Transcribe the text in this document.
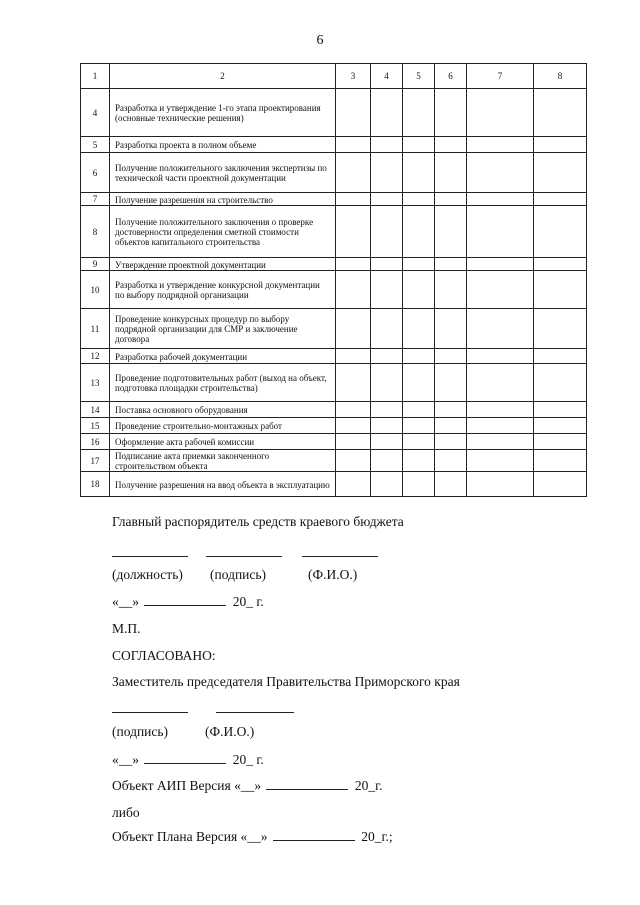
6
1	2	3	4	5	6	7	8
4	Разработка и утверждение 1-го этапа проектирования (основные технические решения)						
5	Разработка проекта в полном объеме						
6	Получение положительного заключения экспертизы по технической части проектной документации						
7	Получение разрешения на строительство						
8	Получение положительного заключения о проверке достоверности определения сметной стоимости объектов капитального строительства						
9	Утверждение проектной документации						
10	Разработка и утверждение конкурсной документации по выбору подрядной организации						
11	Проведение конкурсных процедур по выбору подрядной организации для СМР и заключение договора						
12	Разработка рабочей документации						
13	Проведение подготовительных работ (выход на объект, подготовка площадки строительства)						
14	Поставка основного оборудования						
15	Проведение строительно-монтажных работ						
16	Оформление акта рабочей комиссии						
17	Подписание акта приемки законченного строительством объекта						
18	Получение разрешения на ввод объекта в эксплуатацию						
Главный распорядитель средств краевого бюджета
(должность) (подпись)	(Ф.И.О.)
«__»	20_ г.
М.П.
СОГЛАСОВАНО:
Заместитель председателя Правительства Приморского края
(подпись)	(Ф.И.О.)
«__»	20_ г.
Объект АИП Версия «__»	20_г.
либо
Объект Плана Версия «__»	20_г.;
